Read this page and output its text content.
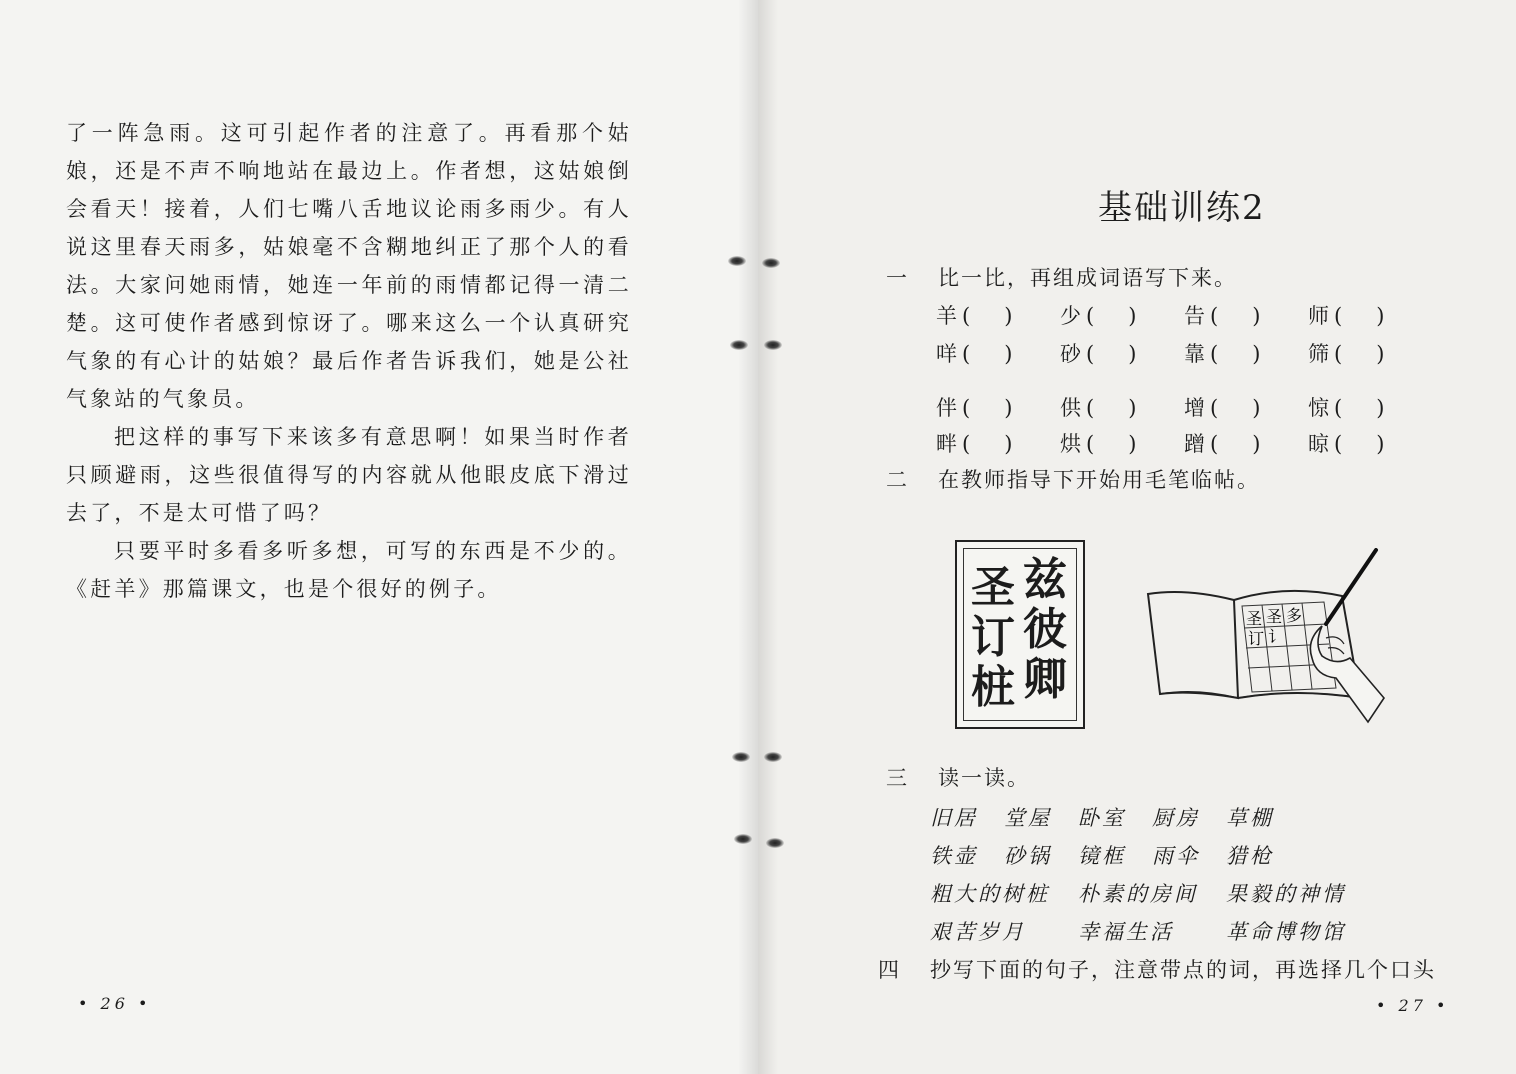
了一阵急雨。这可引起作者的注意了。再看那个姑娘，还是不声不响地站在最边上。作者想，这姑娘倒会看天！接着，人们七嘴八舌地议论雨多雨少。有人说这里春天雨多，姑娘毫不含糊地纠正了那个人的看法。大家问她雨情，她连一年前的雨情都记得一清二楚。这可使作者感到惊讶了。哪来这么一个认真研究气象的有心计的姑娘？最后作者告诉我们，她是公社气象站的气象员。

把这样的事写下来该多有意思啊！如果当时作者只顾避雨，这些很值得写的内容就从他眼皮底下滑过去了，不是太可惜了吗？

只要平时多看多听多想，可写的东西是不少的。《赶羊》那篇课文，也是个很好的例子。

• 26 •
基础训练2
一 比一比，再组成词语写下来。
羊 ( ) 少 ( ) 告 ( ) 师 ( )
咩 ( ) 砂 ( ) 靠 ( ) 筛 ( )
伴 ( ) 供 ( ) 增 ( ) 惊 ( )
畔 ( ) 烘 ( ) 蹭 ( ) 晾 ( )
二 在教师指导下开始用毛笔临帖。
兹
彼
卿
圣
订
桩
圣 圣 多
订 讠
三 读一读。
旧居 堂屋 卧室 厨房 草棚
铁壶 砂锅 镜框 雨伞 猎枪
粗大的树桩 朴素的房间 果毅的神情
艰苦岁月 幸福生活 革命博物馆
四 抄写下面的句子，注意带点的词，再选择几个口头
• 27 •
